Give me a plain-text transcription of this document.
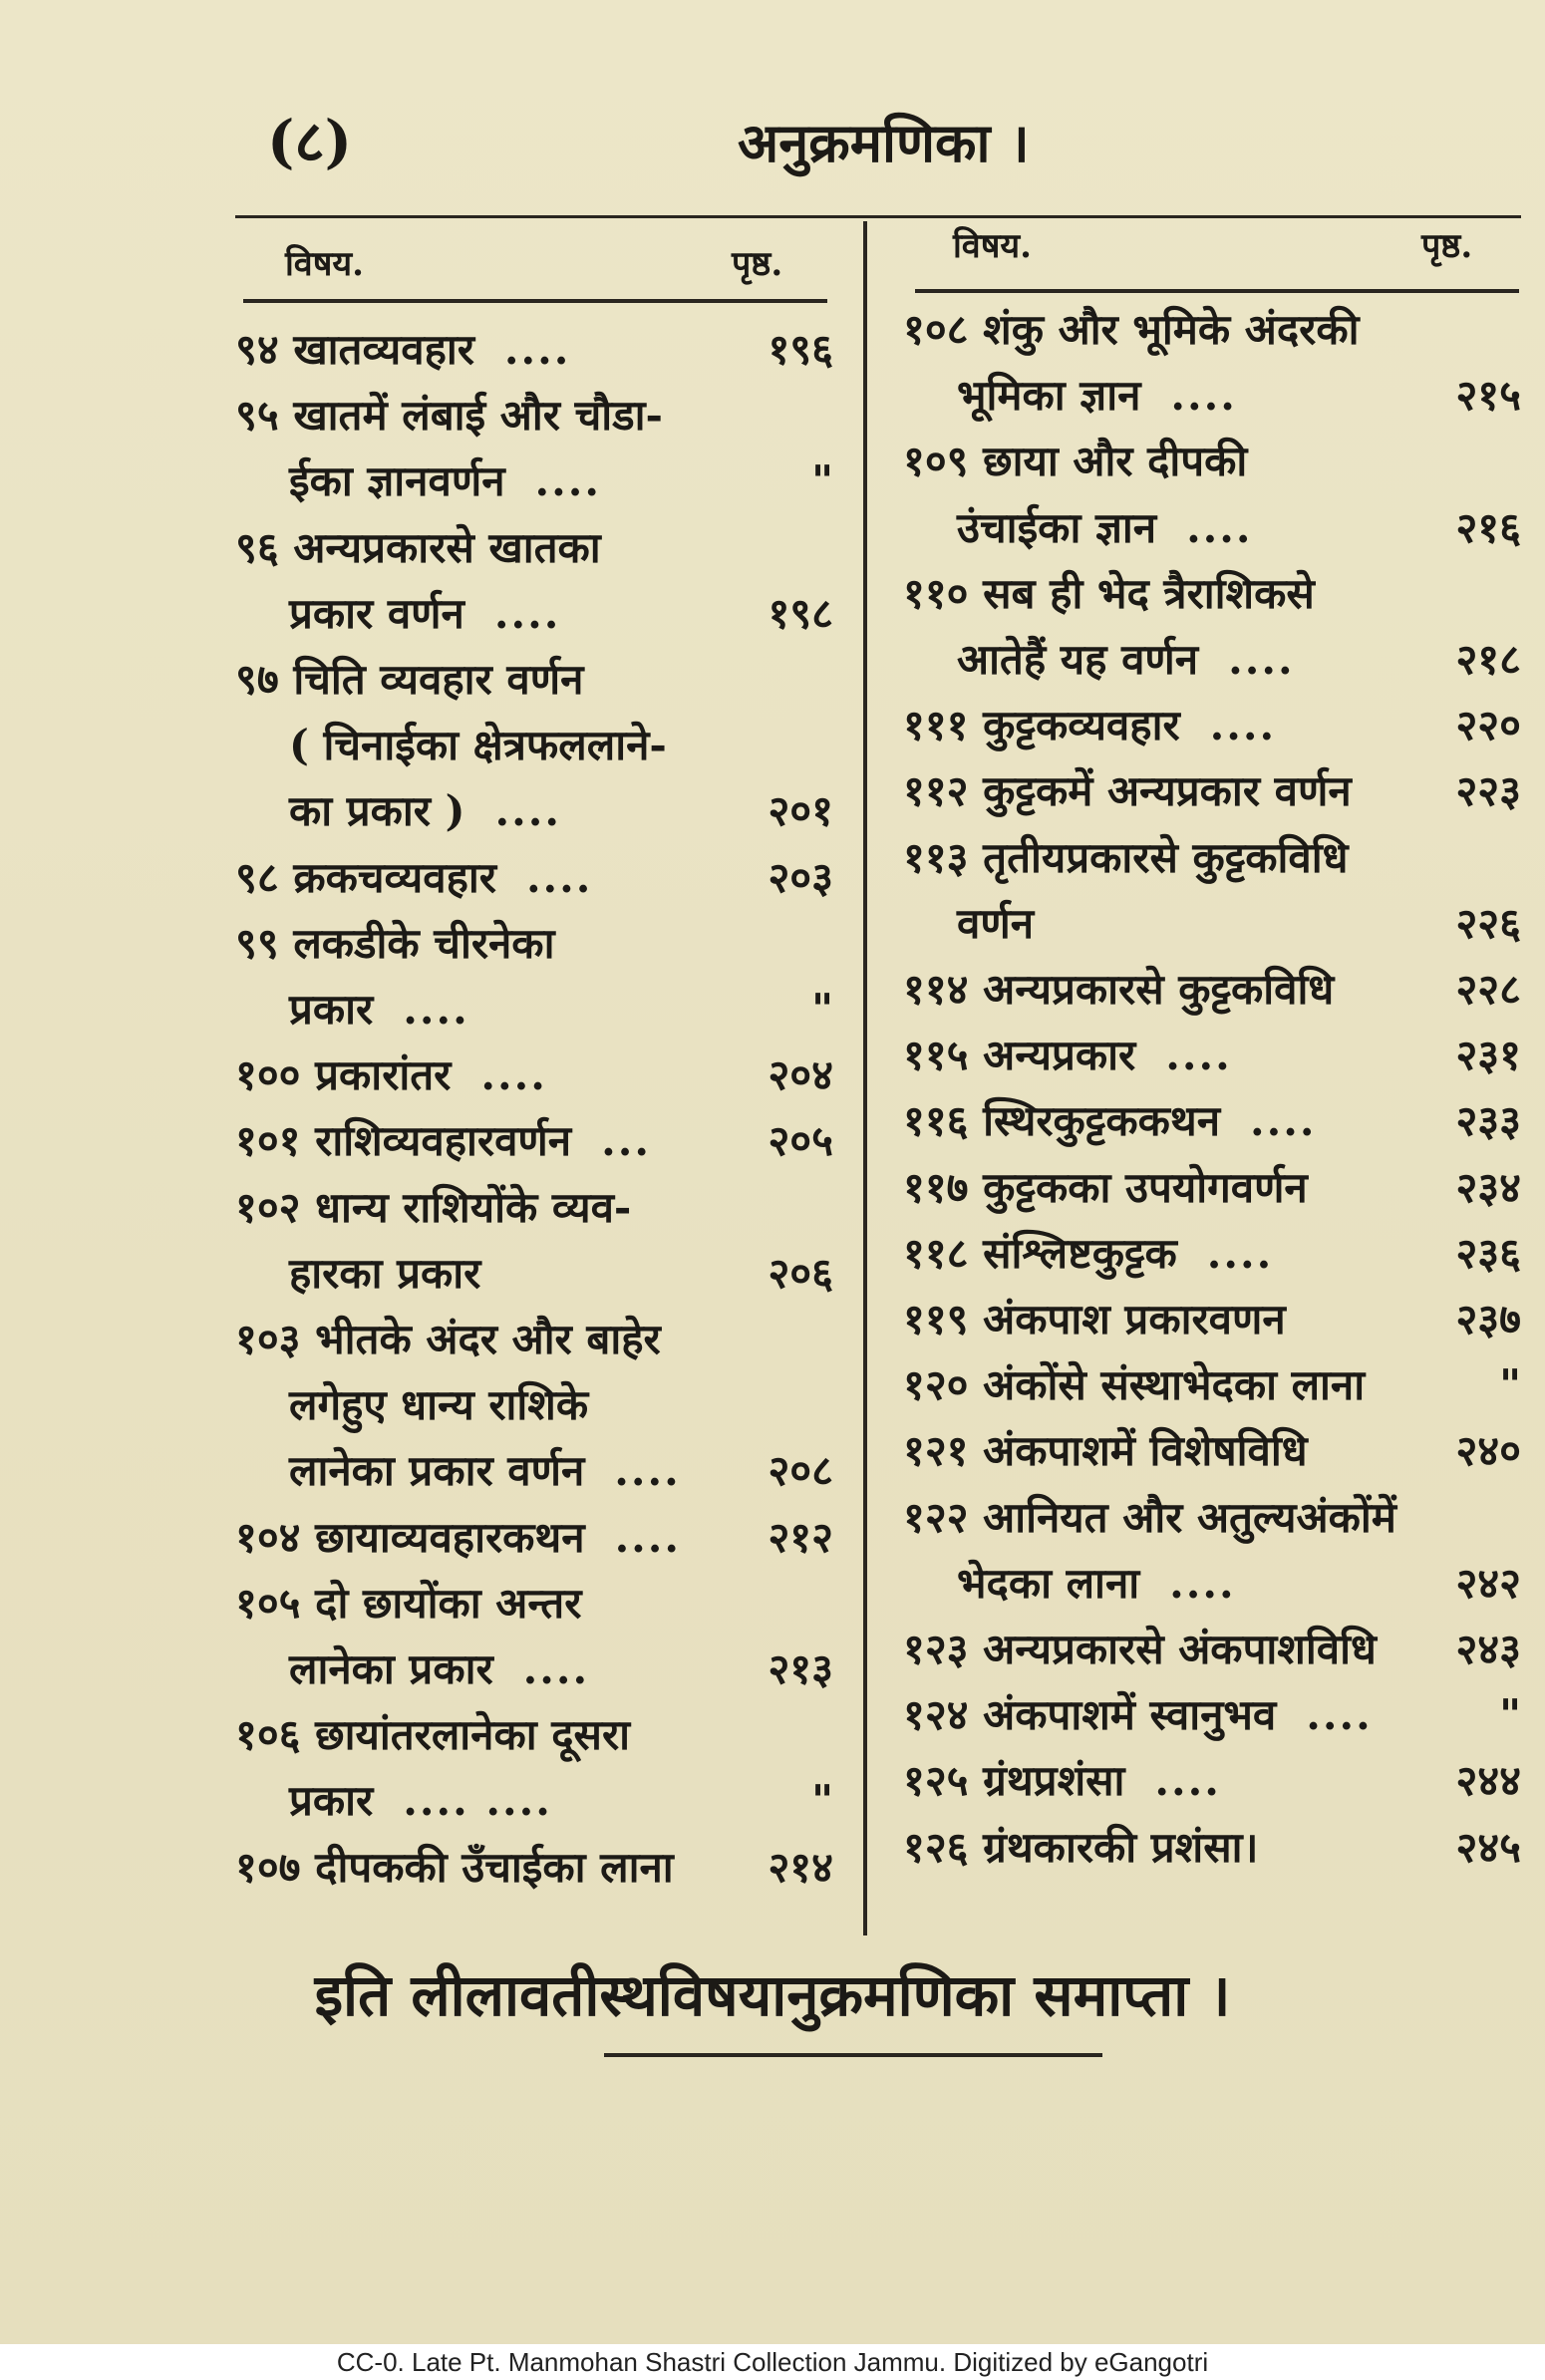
(८)	अनुक्रमणिका ।
विषय.	पृष्ठ.	विषय.	पृष्ठ.
९४ खातव्यवहार ....	१९६
९५ खातमें लंबाई और चौडा-
ईका ज्ञानवर्णन ....	"
९६ अन्यप्रकारसे खातका
प्रकार वर्णन ....	१९८
९७ चिति व्यवहार वर्णन
( चिनाईका क्षेत्रफललाने-
का प्रकार ) ....	२०१
९८ क्रकचव्यवहार ....	२०३
९९ लकडीके चीरनेका
प्रकार ....	"
१०० प्रकारांतर ....	२०४
१०१ राशिव्यवहारवर्णन ...	२०५
१०२ धान्य राशियोंके व्यव-
हारका प्रकार	२०६
१०३ भीतके अंदर और बाहेर
लगेहुए धान्य राशिके
लानेका प्रकार वर्णन .... २०८
१०४ छायाव्यवहारकथन .... २१२
१०५ दो छायोंका अन्तर
लानेका प्रकार ....	२१३
१०६ छायांतरलानेका दूसरा
प्रकार .... ....	"
१०७ दीपककी उँचाईका लाना २१४
१०८ शंकु और भूमिके अंदरकी
भूमिका ज्ञान ....	२१५
१०९ छाया और दीपकी
उंचाईका ज्ञान ....	२१६
११० सब ही भेद त्रैराशिकसे
आतेहैं यह वर्णन ....	२१८
१११ कुट्टकव्यवहार ....	२२०
११२ कुट्टकमें अन्यप्रकार वर्णन २२३
११३ तृतीयप्रकारसे कुट्टकविधि
वर्णन	२२६
११४ अन्यप्रकारसे कुट्टकविधि	२२८
११५ अन्यप्रकार ....	२३१
११६ स्थिरकुट्टककथन ....	२३३
११७ कुट्टकका उपयोगवर्णन	२३४
११८ संश्लिष्टकुट्टक ....	२३६
११९ अंकपाश प्रकारवणन	२३७
१२० अंकोंसे संस्थाभेदका लाना	"
१२१ अंकपाशमें विशेषविधि	२४०
१२२ आनियत और अतुल्यअंकोंमें
भेदका लाना ....	२४२
१२३ अन्यप्रकारसे अंकपाशविधि २४३
१२४ अंकपाशमें स्वानुभव ....	"
१२५ ग्रंथप्रशंसा ....	२४४
१२६ ग्रंथकारकी प्रशंसा।	२४५
इति लीलावतीस्थविषयानुक्रमणिका समाप्ता ।
CC-0. Late Pt. Manmohan Shastri Collection Jammu. Digitized by eGangotri
